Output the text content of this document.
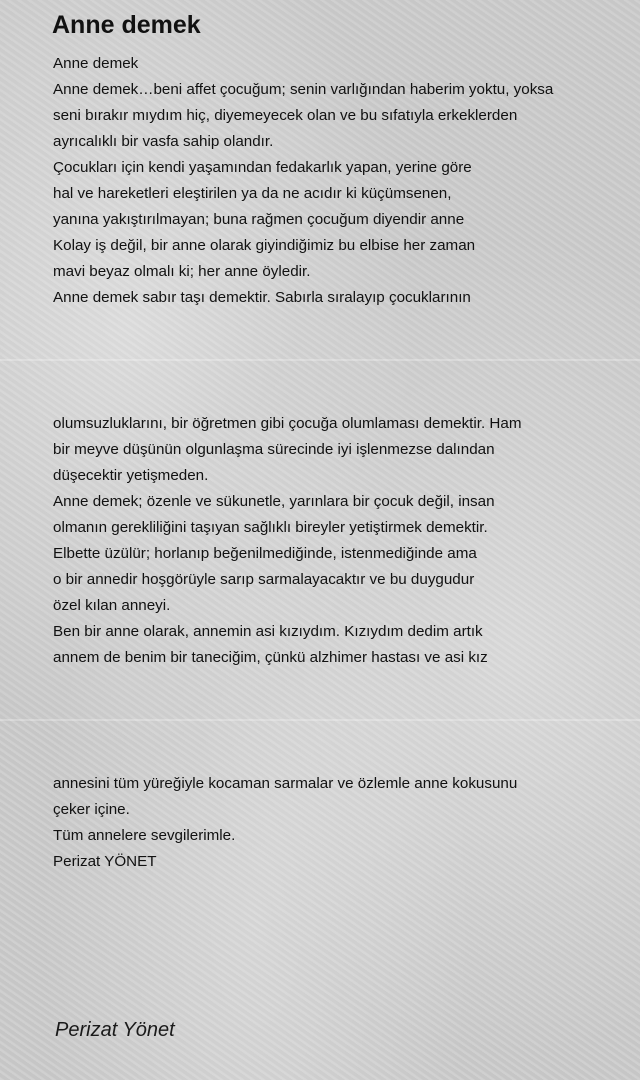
Anne demek
Anne demek
Anne demek…beni affet çocuğum; senin varlığından haberim yoktu, yoksa
seni bırakır mıydım hiç, diyemeyecek olan ve bu sıfatıyla erkeklerden
ayrıcalıklı bir vasfa sahip olandır.
Çocukları için kendi yaşamından fedakarlık yapan, yerine göre
hal ve hareketleri eleştirilen ya da ne acıdır ki küçümsenen,
yanına yakıştırılmayan; buna rağmen çocuğum diyendir anne
Kolay iş değil, bir anne olarak giyindiğimiz bu elbise her zaman
mavi beyaz olmalı ki; her anne öyledir.
Anne demek sabır taşı demektir. Sabırla sıralayıp çocuklarının
olumsuzluklarını, bir öğretmen gibi çocuğa olumlaması demektir. Ham
bir meyve düşünün olgunlaşma sürecinde iyi işlenmezse dalından
düşecektir yetişmeden.
Anne demek; özenle ve sükunetle, yarınlara bir çocuk değil, insan
olmanın gerekliliğini taşıyan sağlıklı bireyler yetiştirmek demektir.
Elbette üzülür; horlanıp beğenilmediğinde, istenmediğinde ama
o bir annedir hoşgörüyle sarıp sarmalayacaktır ve bu duygudur
özel kılan anneyi.
Ben bir anne olarak, annemin asi kızıydım. Kızıydım dedim artık
annem de benim bir taneciğim, çünkü alzhimer hastası ve asi kız
annesini tüm yüreğiyle kocaman sarmalar ve özlemle anne kokusunu
çeker içine.
Tüm annelere sevgilerimle.
Perizat YÖNET
Perizat Yönet
